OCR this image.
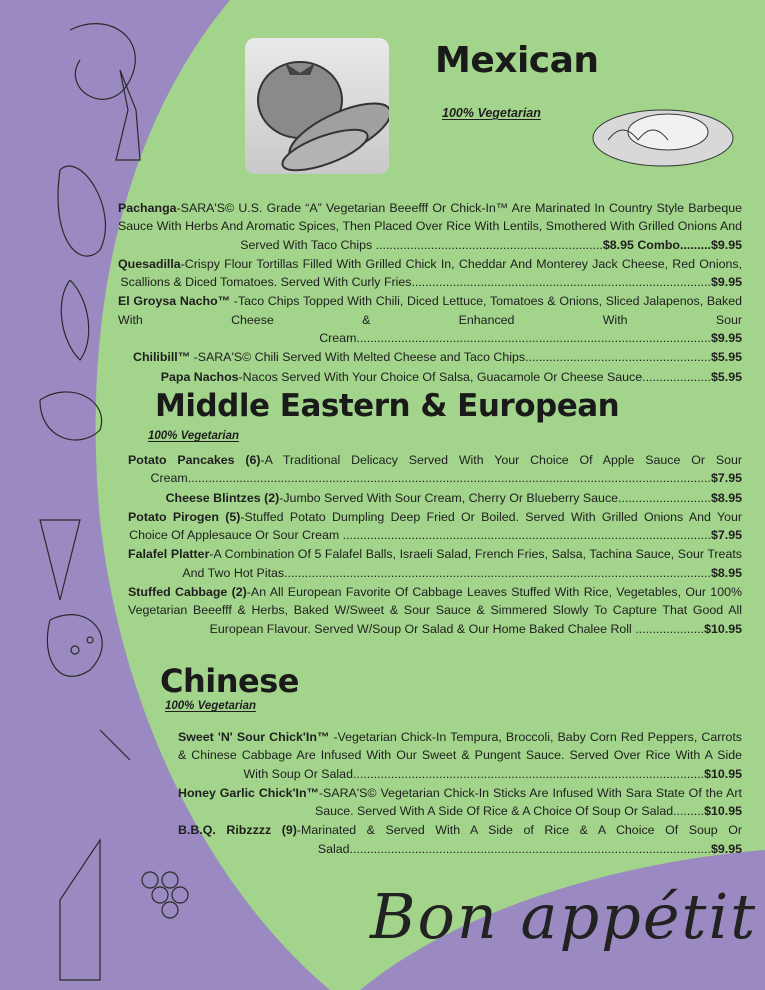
Mexican
100% Vegetarian

Pachanga-SARA'S© U.S. Grade “A” Vegetarian Beeefff Or Chick-In™ Are Marinated In Country Style Barbeque Sauce With Herbs And Aromatic Spices, Then Placed Over Rice With Lentils, Smothered With Grilled Onions And Served With Taco Chips ..................................................................$8.95 Combo.........$9.95

Quesadilla-Crispy Flour Tortillas Filled With Grilled Chick In, Cheddar And Monterey Jack Cheese, Red Onions, Scallions & Diced Tomatoes. Served With Curly Fries.......................................................................................$9.95

El Groysa Nacho™ -Taco Chips Topped With Chili, Diced Lettuce, Tomatoes & Onions, Sliced Jalapenos, Baked With Cheese & Enhanced With Sour Cream.......................................................................................................$9.95

Chilibill™ -SARA'S© Chili Served With Melted Cheese and Taco Chips......................................................$5.95

Papa Nachos-Nacos Served With Your Choice Of Salsa, Guacamole Or Cheese Sauce....................$5.95

Middle Eastern & European
100% Vegetarian

Potato Pancakes (6)-A Traditional Delicacy Served With Your Choice Of Apple Sauce Or Sour Cream........................................................................................................................................................$7.95

Cheese Blintzes (2)-Jumbo Served With Sour Cream, Cherry Or Blueberry Sauce...........................$8.95

Potato Pirogen (5)-Stuffed Potato Dumpling Deep Fried Or Boiled. Served With Grilled Onions And Your Choice Of Applesauce Or Sour Cream ...........................................................................................................$7.95

Falafel Platter-A Combination Of 5 Falafel Balls, Israeli Salad, French Fries, Salsa, Tachina Sauce, Sour Treats And Two Hot Pitas............................................................................................................................$8.95

Stuffed Cabbage (2)-An All European Favorite Of Cabbage Leaves Stuffed With Rice, Vegetables, Our 100% Vegetarian Beeefff & Herbs, Baked W/Sweet & Sour Sauce & Simmered Slowly To Capture That Good All European Flavour. Served W/Soup Or Salad & Our Home Baked Chalee Roll ....................$10.95

Chinese
100% Vegetarian

Sweet 'N' Sour Chick'In™ -Vegetarian Chick-In Tempura, Broccoli, Baby Corn Red Peppers, Carrots & Chinese Cabbage Are Infused With Our Sweet & Pungent Sauce. Served Over Rice With A Side With Soup Or Salad......................................................................................................$10.95

Honey Garlic Chick'In™-SARA'S© Vegetarian Chick-In Sticks Are Infused With Sara State Of the Art Sauce. Served With A Side Of Rice & A Choice Of Soup Or Salad.........$10.95

B.B.Q. Ribzzzz (9)-Marinated & Served With A Side of Rice & A Choice Of Soup Or Salad.........................................................................................................$9.95

Bon appétit
